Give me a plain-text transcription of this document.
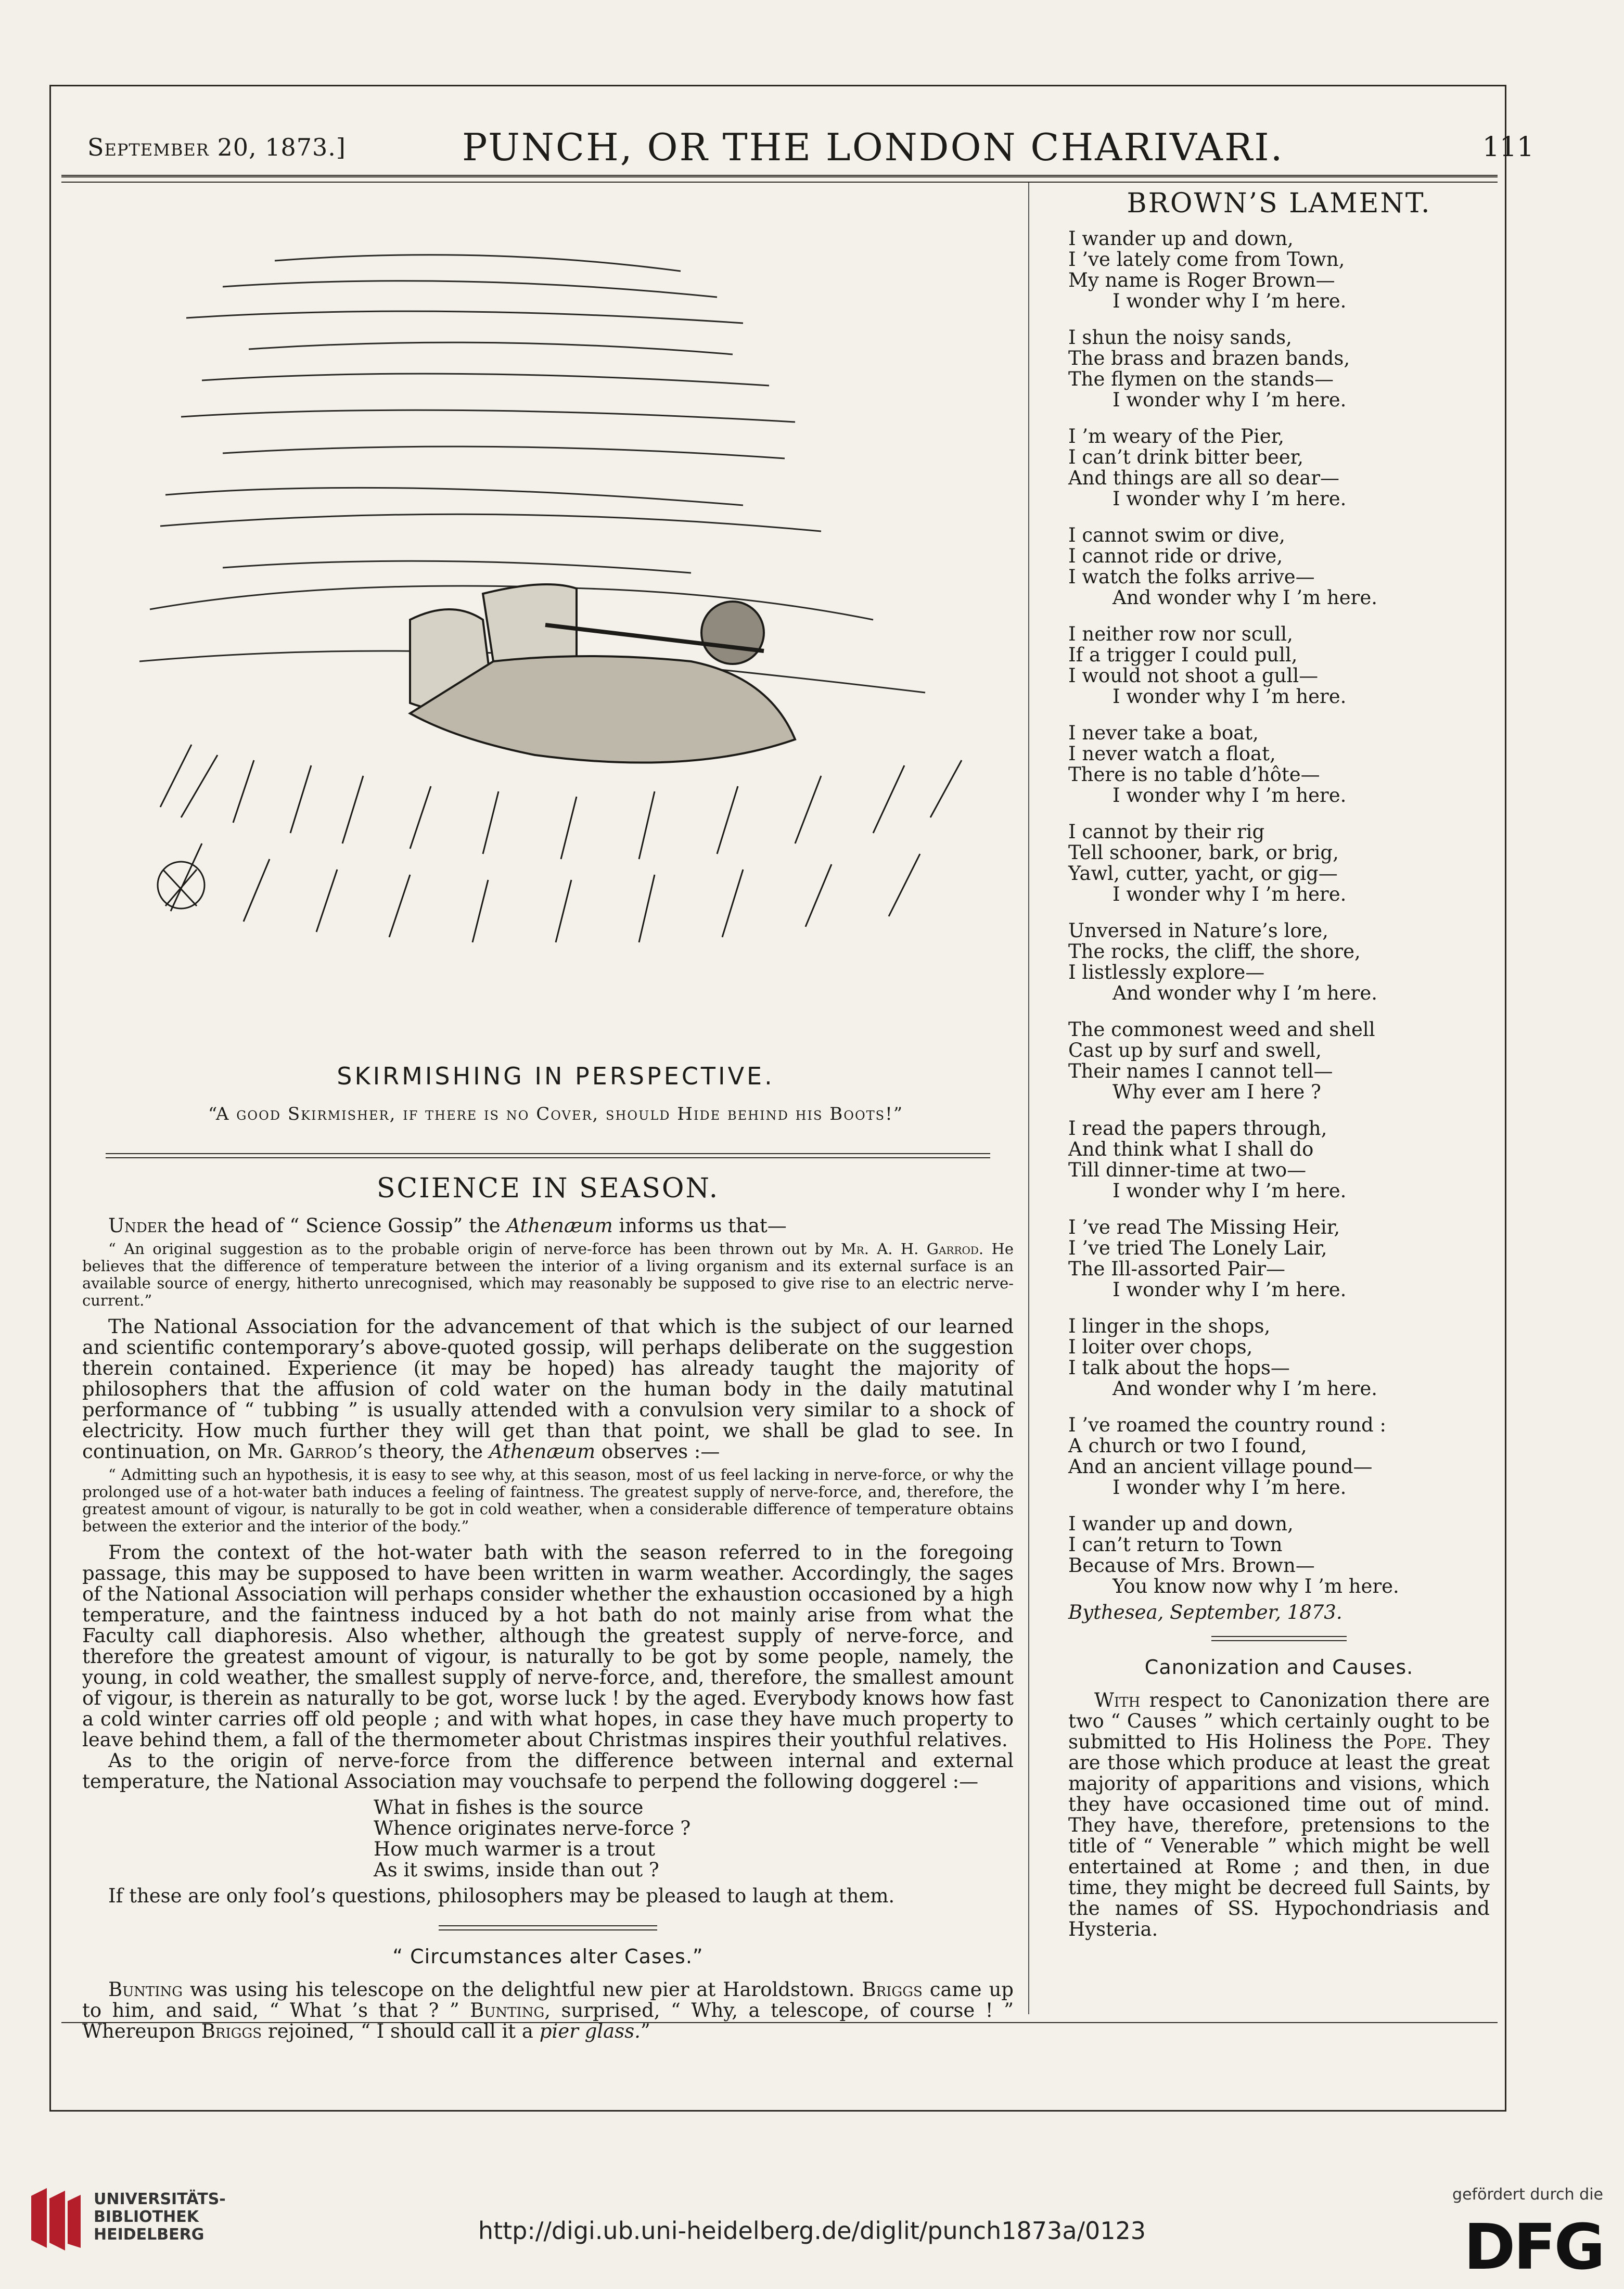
September 20, 1873.]	PUNCH, OR THE LONDON CHARIVARI.	111
SKIRMISHING IN PERSPECTIVE.
“A good Skirmisher, if there is no Cover, should Hide behind his Boots!”
SCIENCE IN SEASON.

Under the head of “ Science Gossip” the Athenæum informs us that—

“ An original suggestion as to the probable origin of nerve-force has been thrown out by Mr. A. H. Garrod. He believes that the difference of temperature between the interior of a living organism and its external surface is an available source of energy, hitherto unrecognised, which may reasonably be supposed to give rise to an electric nerve-current.”

The National Association for the advancement of that which is the subject of our learned and scientific contemporary’s above-quoted gossip, will perhaps deliberate on the suggestion therein contained. Experience (it may be hoped) has already taught the majority of philosophers that the affusion of cold water on the human body in the daily matutinal performance of “ tubbing ” is usually attended with a convulsion very similar to a shock of electricity. How much further they will get than that point, we shall be glad to see. In continuation, on Mr. Garrod’s theory, the Athenæum observes :—

“ Admitting such an hypothesis, it is easy to see why, at this season, most of us feel lacking in nerve-force, or why the prolonged use of a hot-water bath induces a feeling of faintness. The greatest supply of nerve-force, and, therefore, the greatest amount of vigour, is naturally to be got in cold weather, when a considerable difference of temperature obtains between the exterior and the interior of the body.”

From the context of the hot-water bath with the season referred to in the foregoing passage, this may be supposed to have been written in warm weather. Accordingly, the sages of the National Association will perhaps consider whether the exhaustion occasioned by a high temperature, and the faintness induced by a hot bath do not mainly arise from what the Faculty call diaphoresis. Also whether, although the greatest supply of nerve-force, and therefore the greatest amount of vigour, is naturally to be got by some people, namely, the young, in cold weather, the smallest supply of nerve-force, and, therefore, the smallest amount of vigour, is therein as naturally to be got, worse luck ! by the aged. Everybody knows how fast a cold winter carries off old people ; and with what hopes, in case they have much property to leave behind them, a fall of the thermometer about Christmas inspires their youthful relatives.

As to the origin of nerve-force from the difference between internal and external temperature, the National Association may vouchsafe to perpend the following doggerel :—

What in fishes is the source
Whence originates nerve-force ?
How much warmer is a trout
As it swims, inside than out ?

If these are only fool’s questions, philosophers may be pleased to laugh at them.

“ Circumstances alter Cases.”

Bunting was using his telescope on the delightful new pier at Haroldstown. Briggs came up to him, and said, “ What ’s that ? ” Bunting, surprised, “ Why, a telescope, of course ! ” Whereupon Briggs rejoined, “ I should call it a pier glass.”

BROWN’S LAMENT.
I wander up and down,
I ’ve lately come from Town,
My name is Roger Brown—
I wonder why I ’m here.
I shun the noisy sands,
The brass and brazen bands,
The flymen on the stands—
I wonder why I ’m here.
I ’m weary of the Pier,
I can’t drink bitter beer,
And things are all so dear—
I wonder why I ’m here.
I cannot swim or dive,
I cannot ride or drive,
I watch the folks arrive—
And wonder why I ’m here.
I neither row nor scull,
If a trigger I could pull,
I would not shoot a gull—
I wonder why I ’m here.
I never take a boat,
I never watch a float,
There is no table d’hôte—
I wonder why I ’m here.
I cannot by their rig
Tell schooner, bark, or brig,
Yawl, cutter, yacht, or gig—
I wonder why I ’m here.
Unversed in Nature’s lore,
The rocks, the cliff, the shore,
I listlessly explore—
And wonder why I ’m here.
The commonest weed and shell
Cast up by surf and swell,
Their names I cannot tell—
Why ever am I here ?
I read the papers through,
And think what I shall do
Till dinner-time at two—
I wonder why I ’m here.
I ’ve read The Missing Heir,
I ’ve tried The Lonely Lair,
The Ill-assorted Pair—
I wonder why I ’m here.
I linger in the shops,
I loiter over chops,
I talk about the hops—
And wonder why I ’m here.
I ’ve roamed the country round :
A church or two I found,
And an ancient village pound—
I wonder why I ’m here.
I wander up and down,
I can’t return to Town
Because of Mrs. Brown—
You know now why I ’m here.
Bythesea, September, 1873.
Canonization and Causes.

With respect to Canonization there are two “ Causes ” which certainly ought to be submitted to His Holiness the Pope. They are those which produce at least the great majority of apparitions and visions, which they have occasioned time out of mind. They have, therefore, pretensions to the title of “ Venerable ” which might be well entertained at Rome ; and then, in due time, they might be decreed full Saints, by the names of SS. Hypochondriasis and Hysteria.

UNIVERSITÄTS-
BIBLIOTHEK
HEIDELBERG	http://digi.ub.uni-heidelberg.de/diglit/punch1873a/0123
gefördert durch die
DFG
